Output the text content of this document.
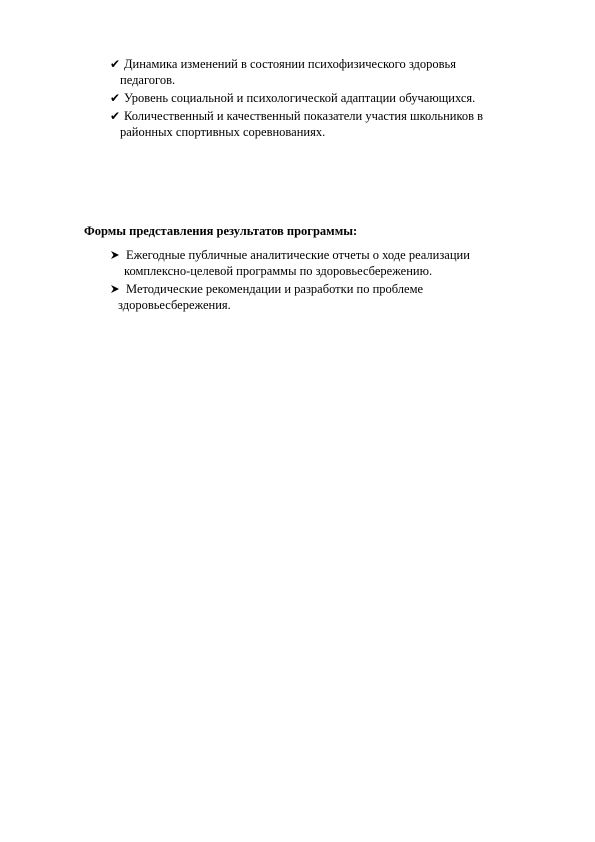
✔ Динамика изменений в состоянии психофизического здоровья
педагогов.
✔ Уровень социальной и психологической адаптации обучающихся.
✔ Количественный и качественный показатели участия школьников в
районных спортивных соревнованиях.
Формы представления результатов программы:
Ежегодные публичные аналитические отчеты о ходе реализации
комплексно-целевой программы по здоровьесбережению.
Методические рекомендации и разработки по проблеме
здоровьесбережения.
